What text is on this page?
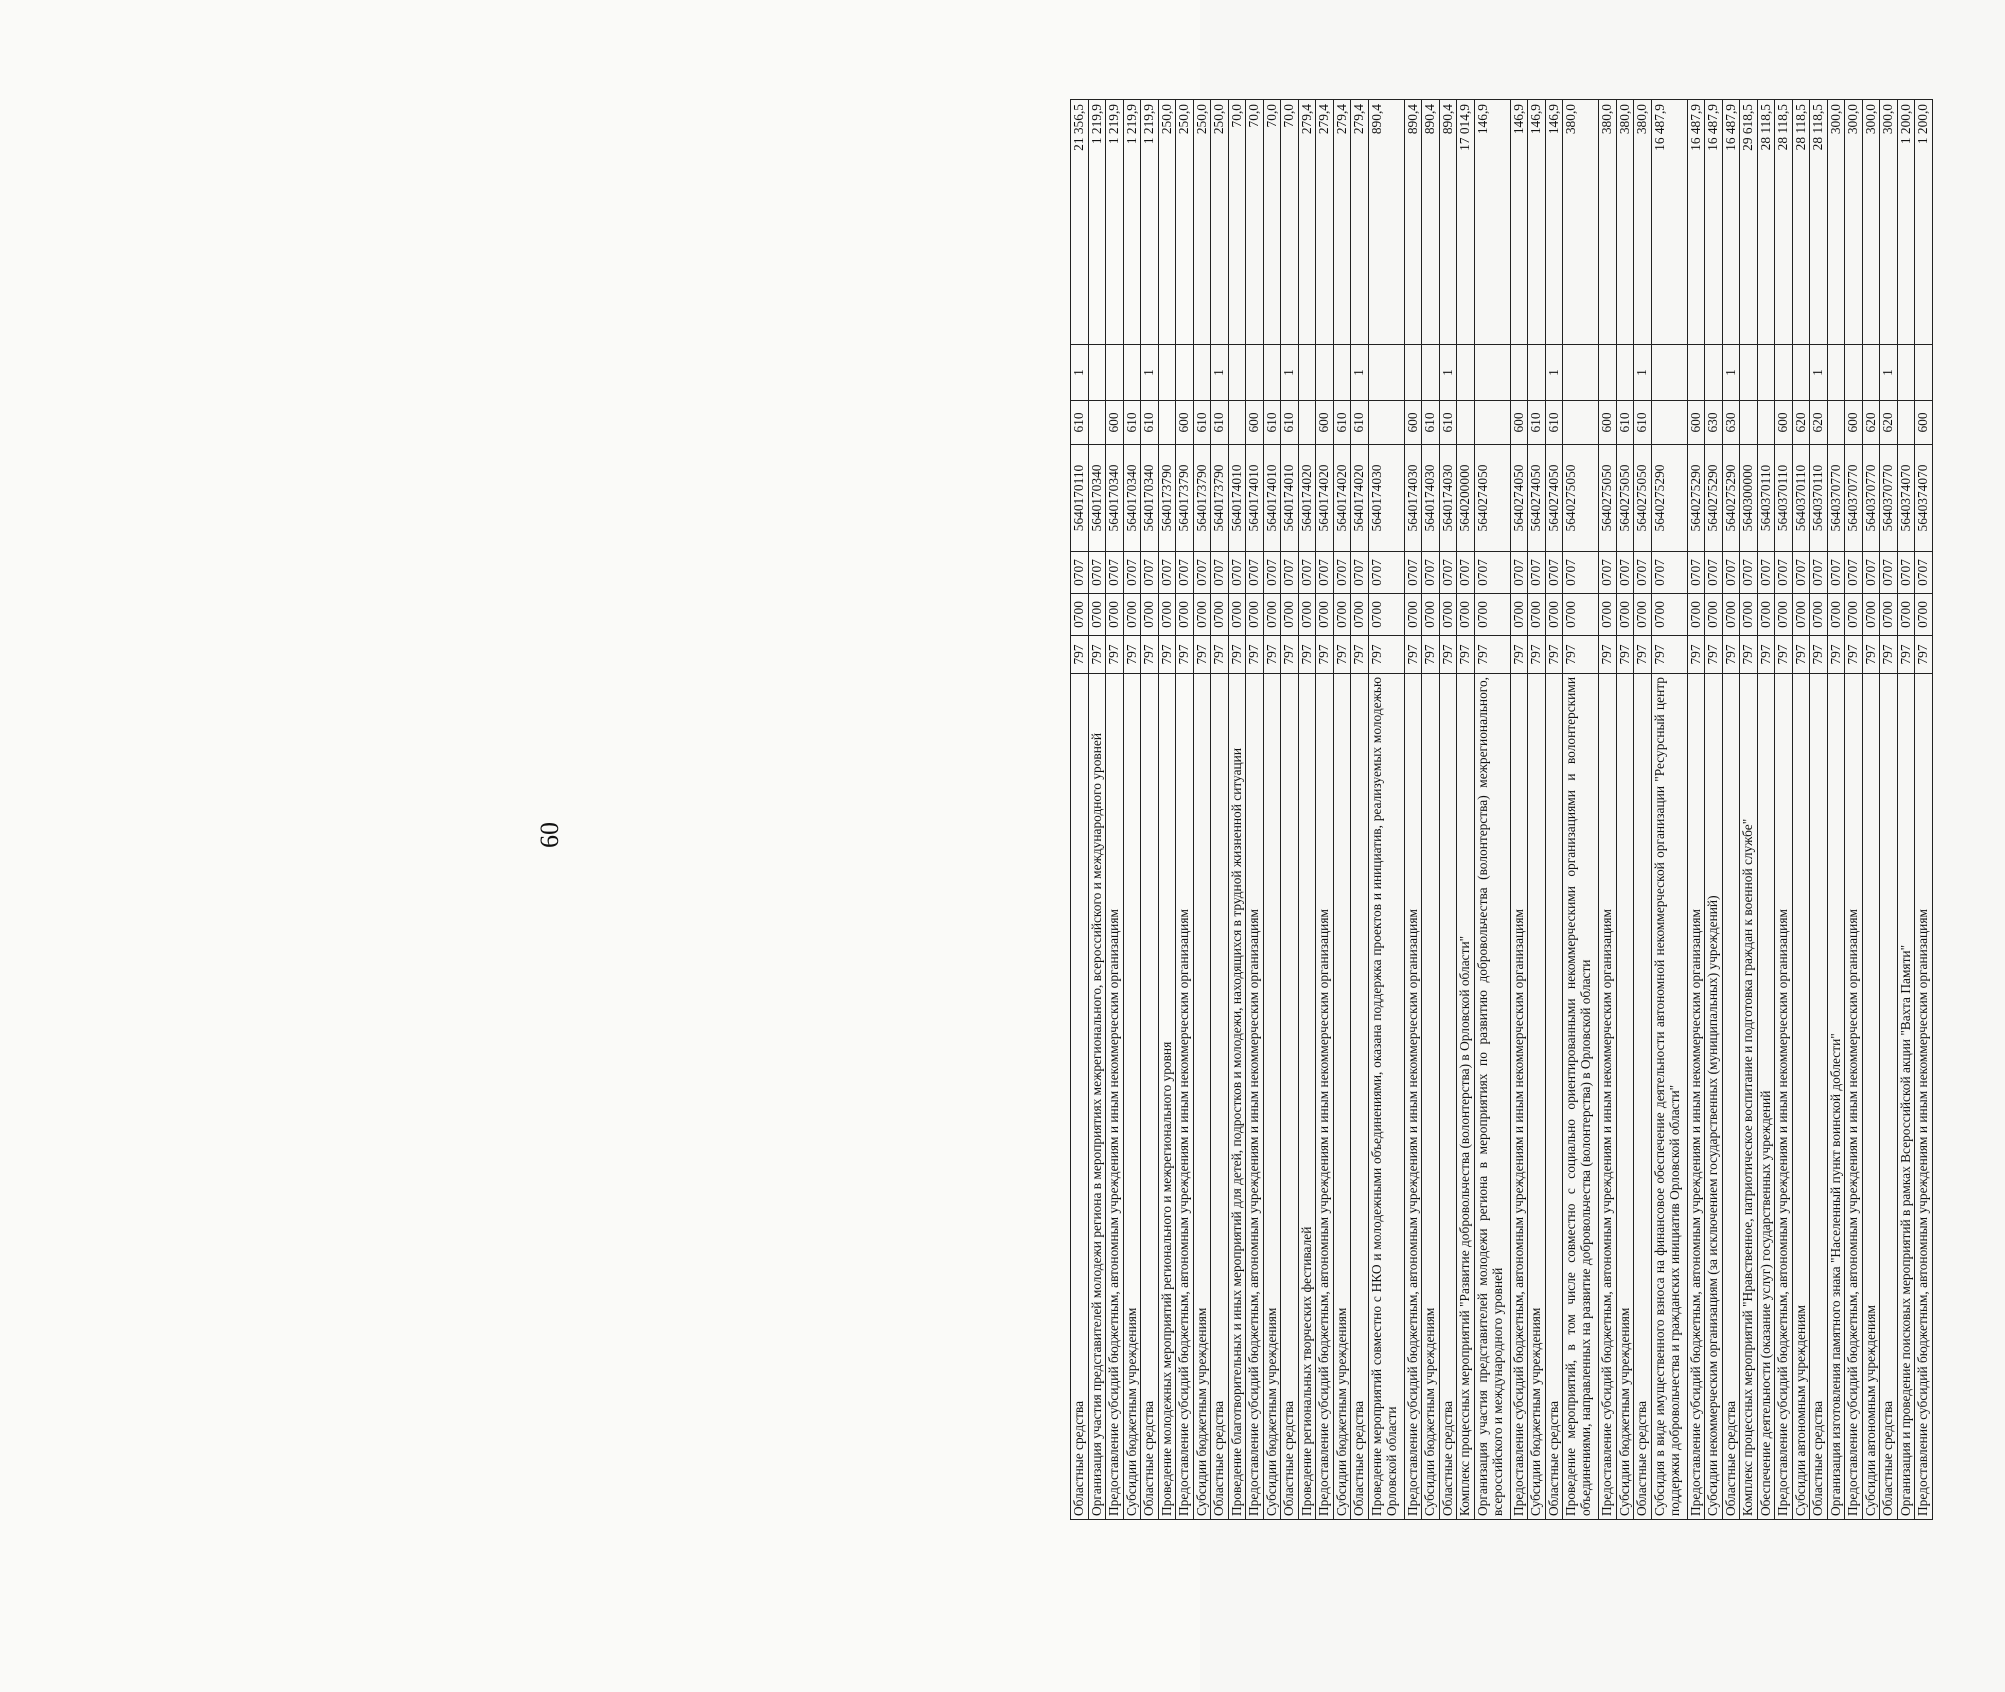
60
Областные средства	797	0700	0707	5640170110	610	1	21 356,5
Организация участия представителей молодежи региона в мероприятиях межрегионального, всероссийского и международного уровней	797	0700	0707	5640170340			1 219,9
Предоставление субсидий бюджетным, автономным учреждениям и иным некоммерческим организациям	797	0700	0707	5640170340	600		1 219,9
Субсидии бюджетным учреждениям	797	0700	0707	5640170340	610		1 219,9
Областные средства	797	0700	0707	5640170340	610	1	1 219,9
Проведение молодежных мероприятий регионального и межрегионального уровня	797	0700	0707	5640173790			250,0
Предоставление субсидий бюджетным, автономным учреждениям и иным некоммерческим организациям	797	0700	0707	5640173790	600		250,0
Субсидии бюджетным учреждениям	797	0700	0707	5640173790	610		250,0
Областные средства	797	0700	0707	5640173790	610	1	250,0
Проведение благотворительных и иных мероприятий для детей, подростков и молодежи, находящихся в трудной жизненной ситуации	797	0700	0707	5640174010			70,0
Предоставление субсидий бюджетным, автономным учреждениям и иным некоммерческим организациям	797	0700	0707	5640174010	600		70,0
Субсидии бюджетным учреждениям	797	0700	0707	5640174010	610		70,0
Областные средства	797	0700	0707	5640174010	610	1	70,0
Проведение региональных творческих фестивалей	797	0700	0707	5640174020			279,4
Предоставление субсидий бюджетным, автономным учреждениям и иным некоммерческим организациям	797	0700	0707	5640174020	600		279,4
Субсидии бюджетным учреждениям	797	0700	0707	5640174020	610		279,4
Областные средства	797	0700	0707	5640174020	610	1	279,4
Проведение мероприятий совместно с НКО и молодежными объединениями, оказана поддержка проектов и инициатив, реализуемых молодежью Орловской области	797	0700	0707	5640174030			890,4
Предоставление субсидий бюджетным, автономным учреждениям и иным некоммерческим организациям	797	0700	0707	5640174030	600		890,4
Субсидии бюджетным учреждениям	797	0700	0707	5640174030	610		890,4
Областные средства	797	0700	0707	5640174030	610	1	890,4
Комплекс процессных мероприятий "Развитие добровольчества (волонтерства) в Орловской области"	797	0700	0707	5640200000			17 014,9
Организация участия представителей молодежи региона в мероприятиях по развитию добровольчества (волонтерства) межрегионального, всероссийского и международного уровней	797	0700	0707	5640274050			146,9
Предоставление субсидий бюджетным, автономным учреждениям и иным некоммерческим организациям	797	0700	0707	5640274050	600		146,9
Субсидии бюджетным учреждениям	797	0700	0707	5640274050	610		146,9
Областные средства	797	0700	0707	5640274050	610	1	146,9
Проведение мероприятий, в том числе совместно с социально ориентированными некоммерческими организациями и волонтерскими объединениями, направленных на развитие добровольчества (волонтерства) в Орловской области	797	0700	0707	5640275050			380,0
Предоставление субсидий бюджетным, автономным учреждениям и иным некоммерческим организациям	797	0700	0707	5640275050	600		380,0
Субсидии бюджетным учреждениям	797	0700	0707	5640275050	610		380,0
Областные средства	797	0700	0707	5640275050	610	1	380,0
Субсидия в виде имущественного взноса на финансовое обеспечение деятельности автономной некоммерческой организации "Ресурсный центр поддержки добровольчества и гражданских инициатив Орловской области"	797	0700	0707	5640275290			16 487,9
Предоставление субсидий бюджетным, автономным учреждениям и иным некоммерческим организациям	797	0700	0707	5640275290	600		16 487,9
Субсидии некоммерческим организациям (за исключением государственных (муниципальных) учреждений)	797	0700	0707	5640275290	630		16 487,9
Областные средства	797	0700	0707	5640275290	630	1	16 487,9
Комплекс процессных мероприятий "Нравственное, патриотическое воспитание и подготовка граждан к военной службе"	797	0700	0707	5640300000			29 618,5
Обеспечение деятельности (оказание услуг) государственных учреждений	797	0700	0707	5640370110			28 118,5
Предоставление субсидий бюджетным, автономным учреждениям и иным некоммерческим организациям	797	0700	0707	5640370110	600		28 118,5
Субсидии автономным учреждениям	797	0700	0707	5640370110	620		28 118,5
Областные средства	797	0700	0707	5640370110	620	1	28 118,5
Организация изготовления памятного знака "Населенный пункт воинской доблести"	797	0700	0707	5640370770			300,0
Предоставление субсидий бюджетным, автономным учреждениям и иным некоммерческим организациям	797	0700	0707	5640370770	600		300,0
Субсидии автономным учреждениям	797	0700	0707	5640370770	620		300,0
Областные средства	797	0700	0707	5640370770	620	1	300,0
Организация и проведение поисковых мероприятий в рамках Всероссийской акции "Вахта Памяти"	797	0700	0707	5640374070			1 200,0
Предоставление субсидий бюджетным, автономным учреждениям и иным некоммерческим организациям	797	0700	0707	5640374070	600		1 200,0
